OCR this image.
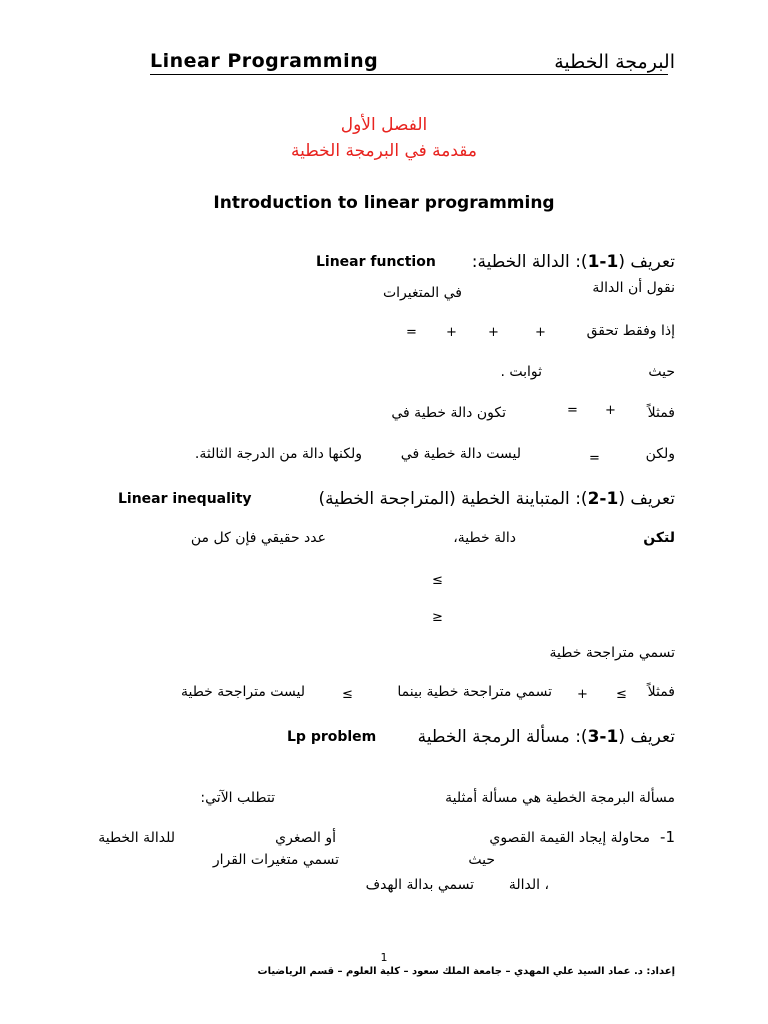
Linear Programming	البرمجة الخطية
الفصل الأول
مقدمة في البرمجة الخطية
Introduction to linear programming
تعريف (1-1): الدالة الخطية:
Linear function
نقول أن الدالة
في المتغيرات
إذا وفقط تحقق
+
+
+
=
حيث
ثوابت .
فمثلاً
+
=
تكون دالة خطية في
ولكن
=
ليست دالة خطية في
ولكنها دالة من الدرجة الثالثة.
تعريف (1-2): المتباينة الخطية (المتراجحة الخطية)
Linear inequality
لتكن
دالة خطية،
عدد حقيقي فإن كل من
≤
≥
تسمي متراجحة خطية
فمثلاً
≤
+
تسمي متراجحة خطية بينما
≤
ليست متراجحة خطية
تعريف (1-3): مسألة الرمجة الخطية
Lp problem
مسألة البرمجة الخطية هي مسألة أمثلية
تتطلب الآتي:
1-
محاولة إيجاد القيمة القصوي
أو الصغري
للدالة الخطية
حيث
تسمي متغيرات القرار
، الدالة
تسمي بدالة الهدف
1
إعداد: د. عماد السيد علي المهدي – جامعة الملك سعود – كلية العلوم – قسم الرياضيات
